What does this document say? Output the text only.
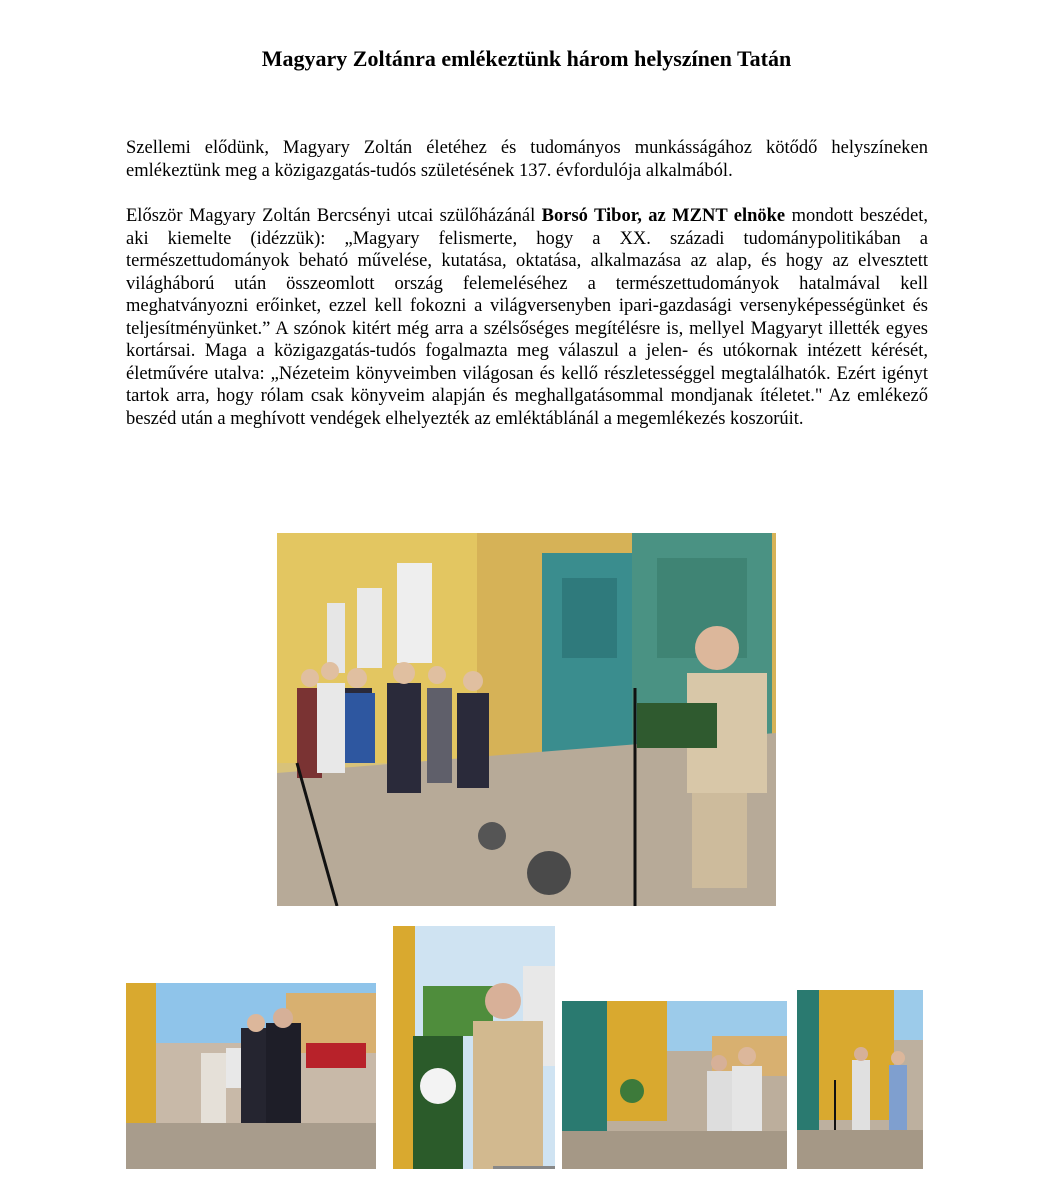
Magyary Zoltánra emlékeztünk három helyszínen Tatán
Szellemi elődünk, Magyary Zoltán életéhez és tudományos munkásságához kötődő helyszíneken emlékeztünk meg a közigazgatás-tudós születésének 137. évfordulója alkalmából.
Először Magyary Zoltán Bercsényi utcai szülőházánál Borsó Tibor, az MZNT elnöke mondott beszédet, aki kiemelte (idézzük): „Magyary felismerte, hogy a XX. századi tudománypolitikában a természettudományok beható művelése, kutatása, oktatása, alkalmazása az alap, és hogy az elvesztett világháború után összeomlott ország felemeléséhez a természettudományok hatalmával kell meghatványozni erőinket, ezzel kell fokozni a világversenyben ipari-gazdasági versenyképességünket és teljesítményünket.” A szónok kitért még arra a szélsőséges megítélésre is, mellyel Magyaryt illették egyes kortársai. Maga a közigazgatás-tudós fogalmazta meg válaszul a jelen- és utókornak intézett kérését, életművére utalva: „Nézeteim könyveimben világosan és kellő részletességgel megtalálhatók. Ezért igényt tartok arra, hogy rólam csak könyveim alapján és meghallgatásommal mondjanak ítéletet." Az emlékező beszéd után a meghívott vendégek elhelyezték az emléktáblánál a megemlékezés koszorúit.
